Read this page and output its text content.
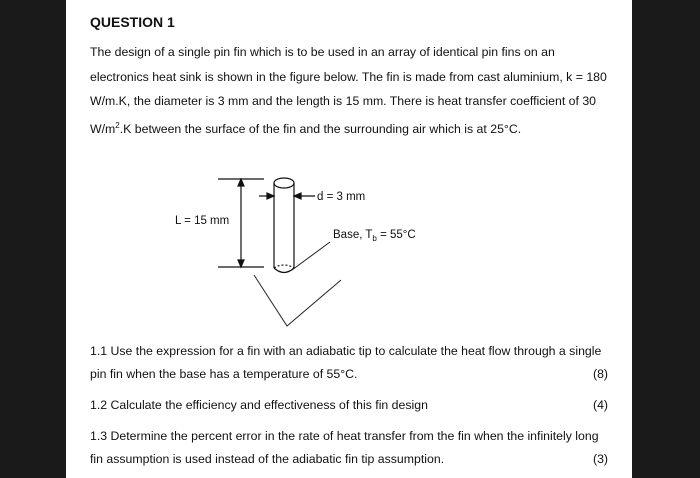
QUESTION 1

The design of a single pin fin which is to be used in an array of identical pin fins on an electronics heat sink is shown in the figure below. The fin is made from cast aluminium, k = 180 W/m.K, the diameter is 3 mm and the length is 15 mm. There is heat transfer coefficient of 30 $W/m^2.K$ between the surface of the fin and the surrounding air which is at 25°C.

L = 15 mm
d = 3 mm
Base, $T_b = 55^\circ C$
1.1 Use the expression for a fin with an adiabatic tip to calculate the heat flow through a single pin fin when the base has a temperature of 55°C.	(8)
1.2 Calculate the efficiency and effectiveness of this fin design	(4)
1.3 Determine the percent error in the rate of heat transfer from the fin when the infinitely long fin assumption is used instead of the adiabatic fin tip assumption.	(3)
